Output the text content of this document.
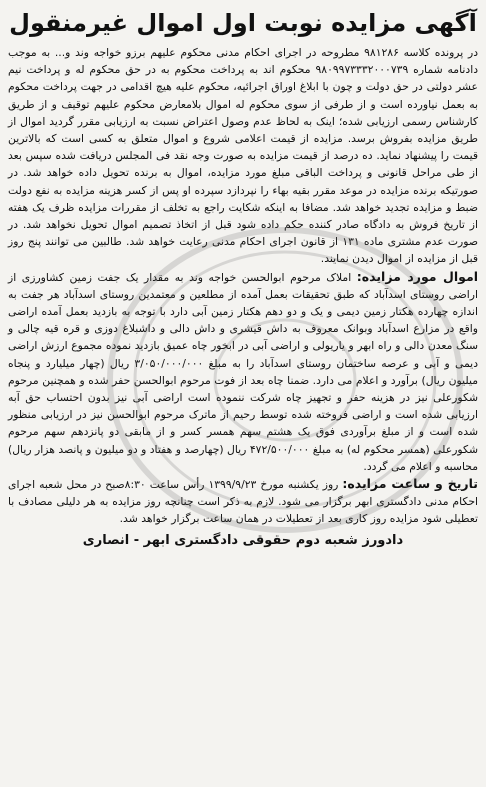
آگهی مزایده نوبت اول اموال غیرمنقول

در پرونده کلاسه ۹۸۱۲۸۶ مطروحه در اجرای احکام مدنی محکوم علیهم برزو خواجه وند و... به موجب دادنامه شماره ۹۸۰۹۹۷۳۳۳۲۰۰۰۷۳۹ محکوم اند به پرداخت محکوم به در حق محکوم له و پرداخت نیم عشر دولتی در حق دولت و چون با ابلاغ اوراق اجرائیه، محکوم علیه هیچ اقدامی در جهت پرداخت محکوم به بعمل نیاورده است و از طرفی از سوی محکوم له اموال بلامعارض محکوم علیهم توقیف و از طریق کارشناس رسمی ارزیابی شده؛ اینک به لحاظ عدم وصول اعتراض نسبت به ارزیابی مقرر گردید اموال از طریق مزایده بفروش برسد. مزایده از قیمت اعلامی شروع و اموال متعلق به کسی است که بالاترین قیمت را پیشنهاد نماید. ده درصد از قیمت مزایده به صورت وجه نقد فی المجلس دریافت شده سپس بعد از طی مراحل قانونی و پرداخت الباقی مبلغ مورد مزایده، اموال به برنده تحویل داده خواهد شد. در صورتیکه برنده مزایده در موعد مقرر بقیه بهاء را نپردازد سپرده او پس از کسر هزینه مزایده به نفع دولت ضبط و مزایده تجدید خواهد شد. مضافا به اینکه شکایت راجع به تخلف از مقررات مزایده ظرف یک هفته از تاریخ فروش به دادگاه صادر کننده حکم داده شود قبل از اتخاذ تصمیم اموال تحویل نخواهد شد. در صورت عدم مشتری ماده ۱۳۱ از قانون اجرای احکام مدنی رعایت خواهد شد. طالبین می توانند پنج روز قبل از مزایده از اموال دیدن نمایند.

اموال مورد مزایده: املاک مرحوم ابوالحسن خواجه وند به مقدار یک جفت زمین کشاورزی از اراضی روستای اسدآباد که طبق تحقیقات بعمل آمده از مطلعین و معتمدین روستای اسدآباد هر جفت به اندازه چهارده هکتار زمین دیمی و یک و دو دهم هکتار زمین آبی دارد با توجه به بازدید بعمل آمده اراضی واقع در مزارع اسدآباد وبوانک معروف به داش قیشری و داش دالی و داشبلاغ دوزی و قره قیه چالی و سنگ معدن دالی و راه ابهر و یاریولی و اراضی آبی در ابخور چاه عمیق بازدید نموده مجموع ارزش اراضی دیمی و آبی و عرصه ساختمان روستای اسدآباد را به مبلغ ۳/۰۵۰/۰۰۰/۰۰۰ ریال (چهار میلیارد و پنجاه میلیون ریال) برآورد و اعلام می دارد. ضمنا چاه بعد از فوت مرحوم ابوالحسن حفر شده و همچنین مرحوم شکورعلی نیز در هزینه حفر و تجهیز چاه شرکت ننموده است اراضی آبی نیز بدون احتساب حق آبه ارزیابی شده است و اراضی فروخته شده توسط رحیم از ماترک مرحوم ابوالحسن نیز در ارزیابی منظور شده است و از مبلغ برآوردی فوق یک هشتم سهم همسر کسر و از مابقی دو پانزدهم سهم مرحوم شکورعلی (همسر محکوم له) به مبلغ ۴۷۲/۵۰۰/۰۰۰ ریال (چهارصد و هفتاد و دو میلیون و پانصد هزار ریال) محاسبه و اعلام می گردد.

تاریخ و ساعت مزایده: روز یکشنبه مورخ ۱۳۹۹/۹/۲۳ رأس ساعت ۸:۳۰صبح در محل شعبه اجرای احکام مدنی دادگستری ابهر برگزار می شود. لازم به ذکر است چنانچه روز مزایده به هر دلیلی مصادف با تعطیلی شود مزایده روز کاری بعد از تعطیلات در همان ساعت برگزار خواهد شد.

دادورز شعبه دوم حقوقی دادگستری ابهر - انصاری
